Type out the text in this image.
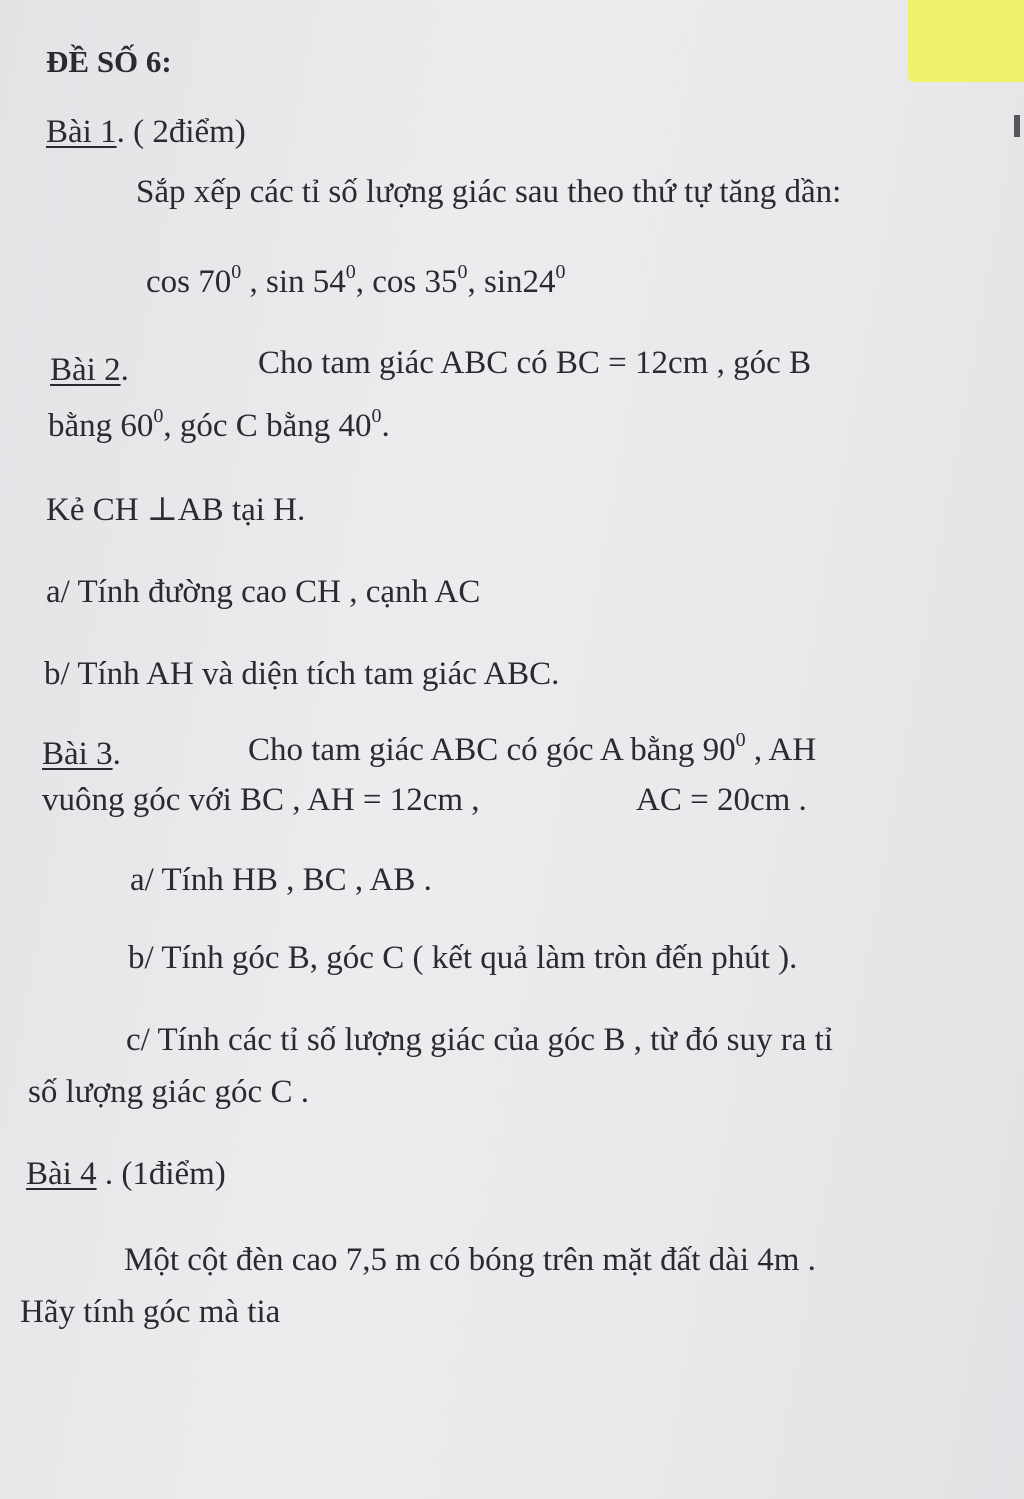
ĐỀ SỐ 6:
Bài 1. ( 2điểm)
Sắp xếp các tỉ số lượng giác sau theo thứ tự tăng dần:
$\cos 70^0$ , $\sin 54^0$, $\cos 35^0$, $\sin 24^0$
Bài 2.	Cho tam giác ABC có BC = 12cm , góc B
bằng $60^0$, góc C bằng $40^0$.
Kẻ CH ⊥AB tại H.
a/ Tính đường cao CH , cạnh AC
b/ Tính AH và diện tích tam giác ABC.
Bài 3.	Cho tam giác ABC có góc A bằng $90^0$ , AH
vuông góc với BC , AH = 12cm ,	AC = 20cm .
a/ Tính HB , BC , AB .
b/ Tính góc B, góc C ( kết quả làm tròn đến phút ).
c/ Tính các tỉ số lượng giác của góc B , từ đó suy ra tỉ
số lượng giác góc C .
Bài 4 . (1điểm)
Một cột đèn cao 7,5 m có bóng trên mặt đất dài 4m .
Hãy tính góc mà tia
